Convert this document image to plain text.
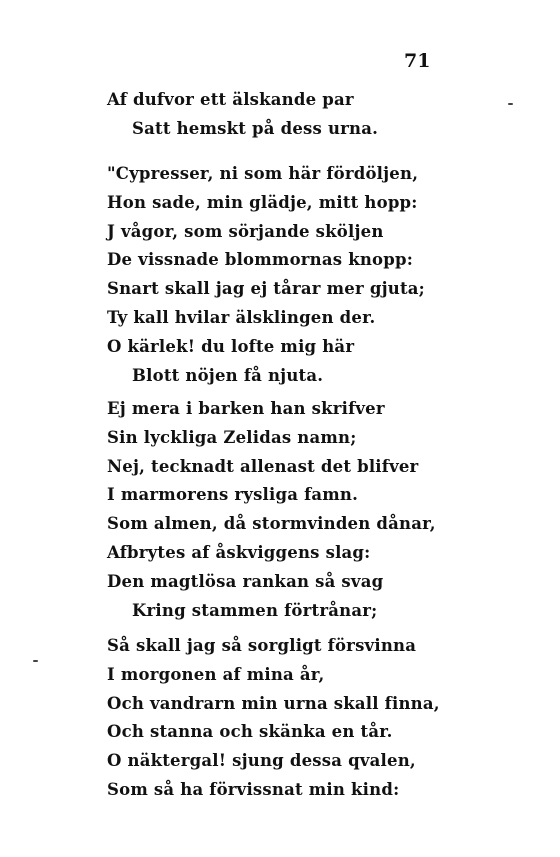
71
Af dufvor ett älskande par
Satt hemskt på dess urna.
"Cypresser, ni som här fördöljen,
Hon sade, min glädje, mitt hopp:
J vågor, som sörjande sköljen
De vissnade blommornas knopp:
Snart skall jag ej tårar mer gjuta;
Ty kall hvilar älsklingen der.
O kärlek! du lofte mig här
Blott nöjen få njuta.
Ej mera i barken han skrifver
Sin lyckliga Zelidas namn;
Nej, tecknadt allenast det blifver
I marmorens rysliga famn.
Som almen, då stormvinden dånar,
Afbrytes af åskviggens slag:
Den magtlösa rankan så svag
Kring stammen förtrånar;
Så skall jag så sorgligt försvinna
I morgonen af mina år,
Och vandrarn min urna skall finna,
Och stanna och skänka en tår.
O näktergal! sjung dessa qvalen,
Som så ha förvissnat min kind:
